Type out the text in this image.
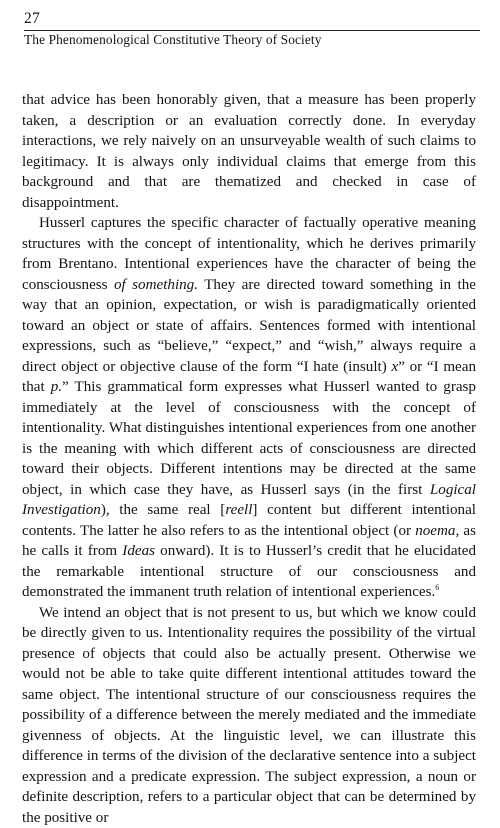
27
The Phenomenological Constitutive Theory of Society

that advice has been honorably given, that a measure has been properly taken, a description or an evaluation correctly done. In everyday interactions, we rely naively on an unsurveyable wealth of such claims to legitimacy. It is always only individual claims that emerge from this background and that are thematized and checked in case of disappointment.

Husserl captures the specific character of factually operative meaning structures with the concept of intentionality, which he derives primarily from Brentano. Intentional experiences have the character of being the consciousness of something. They are directed toward something in the way that an opinion, expectation, or wish is paradigmatically oriented toward an object or state of affairs. Sentences formed with intentional expressions, such as “believe,” “expect,” and “wish,” always require a direct object or objective clause of the form “I hate (insult) x” or “I mean that p.” This grammatical form expresses what Husserl wanted to grasp immediately at the level of consciousness with the concept of intentionality. What distinguishes intentional experiences from one another is the meaning with which different acts of consciousness are directed toward their objects. Different intentions may be directed at the same object, in which case they have, as Husserl says (in the first Logical Investigation), the same real [reell] content but different intentional contents. The latter he also refers to as the intentional object (or noema, as he calls it from Ideas onward). It is to Husserl’s credit that he elucidated the remarkable intentional structure of our consciousness and demonstrated the immanent truth relation of intentional experiences.$^6$

We intend an object that is not present to us, but which we know could be directly given to us. Intentionality requires the possibility of the virtual presence of objects that could also be actually present. Otherwise we would not be able to take quite different intentional attitudes toward the same object. The intentional structure of our consciousness requires the possibility of a difference between the merely mediated and the immediate givenness of objects. At the linguistic level, we can illustrate this difference in terms of the division of the declarative sentence into a subject expression and a predicate expression. The subject expression, a noun or definite description, refers to a particular object that can be determined by the positive or
